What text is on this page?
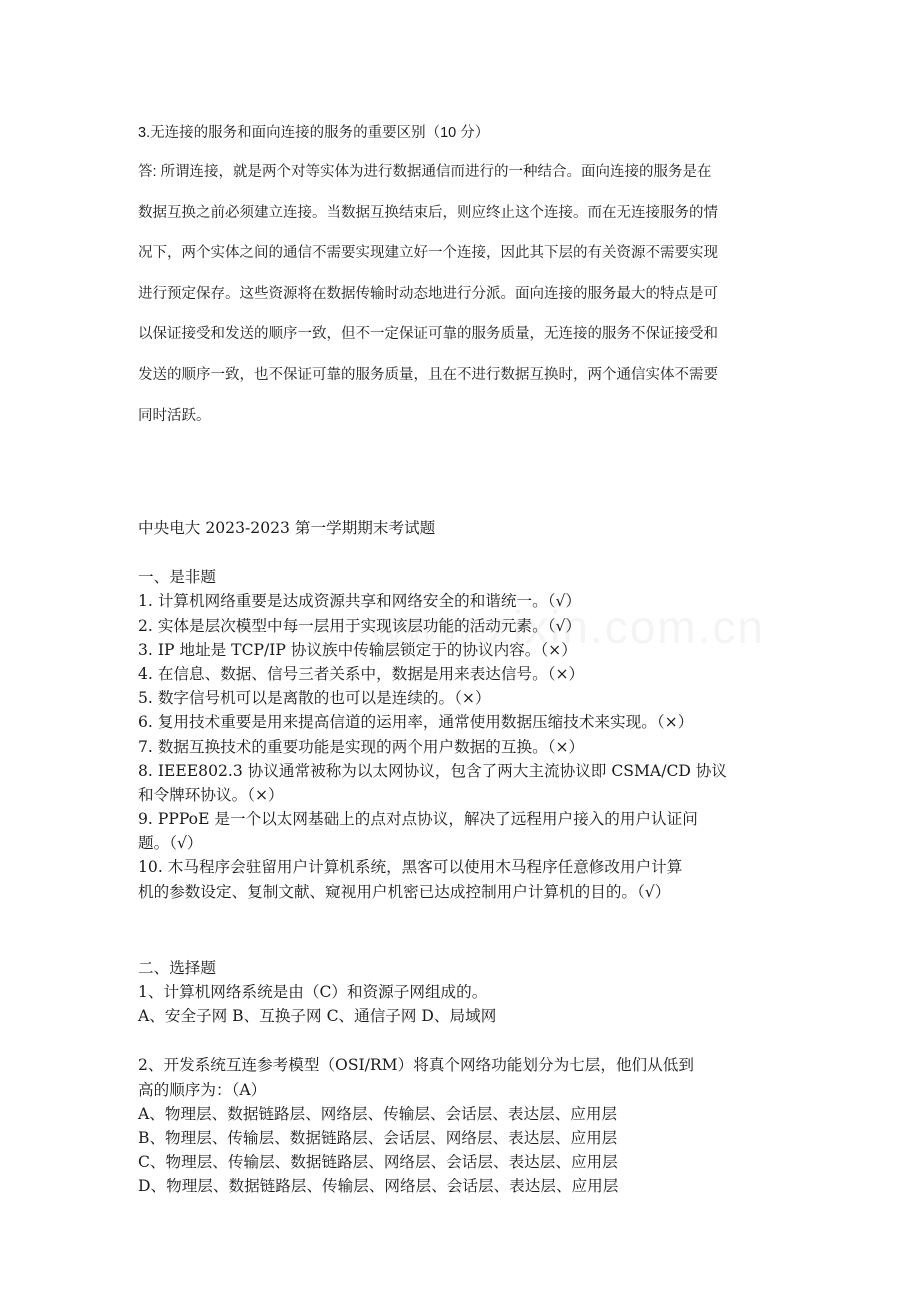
3.无连接的服务和面向连接的服务的重要区别（10 分）
答: 所谓连接，就是两个对等实体为进行数据通信而进行的一种结合。面向连接的服务是在
数据互换之前必须建立连接。当数据互换结束后，则应终止这个连接。而在无连接服务的情
况下，两个实体之间的通信不需要实现建立好一个连接，因此其下层的有关资源不需要实现
进行预定保存。这些资源将在数据传输时动态地进行分派。面向连接的服务最大的特点是可
以保证接受和发送的顺序一致，但不一定保证可靠的服务质量，无连接的服务不保证接受和
发送的顺序一致，也不保证可靠的服务质量，且在不进行数据互换时，两个通信实体不需要
同时活跃。
中央电大 2023-2023 第一学期期末考试题
一、是非题
1. 计算机网络重要是达成资源共享和网络安全的和谐统一。（√）
2. 实体是层次模型中每一层用于实现该层功能的活动元素。（√）
3. IP 地址是 TCP/IP 协议族中传输层锁定于的协议内容。（×）
4. 在信息、数据、信号三者关系中，数据是用来表达信号。（×）
5. 数字信号机可以是离散的也可以是连续的。（×）
6. 复用技术重要是用来提高信道的运用率，通常使用数据压缩技术来实现。（×）
7. 数据互换技术的重要功能是实现的两个用户数据的互换。（×）
8. IEEE802.3 协议通常被称为以太网协议，包含了两大主流协议即 CSMA/CD 协议
和令牌环协议。（×）
9. PPPoE 是一个以太网基础上的点对点协议，解决了远程用户接入的用户认证问
题。（√）
10. 木马程序会驻留用户计算机系统，黑客可以使用木马程序任意修改用户计算
机的参数设定、复制文献、窥视用户机密已达成控制用户计算机的目的。（√）
二、选择题
1、计算机网络系统是由（C）和资源子网组成的。
A、安全子网 B、互换子网 C、通信子网 D、局域网
2、开发系统互连参考模型（OSI/RM）将真个网络功能划分为七层，他们从低到
高的顺序为：（A）
A、物理层、数据链路层、网络层、传输层、会话层、表达层、应用层
B、物理层、传输层、数据链路层、会话层、网络层、表达层、应用层
C、物理层、传输层、数据链路层、网络层、会话层、表达层、应用层
D、物理层、数据链路层、传输层、网络层、会话层、表达层、应用层
